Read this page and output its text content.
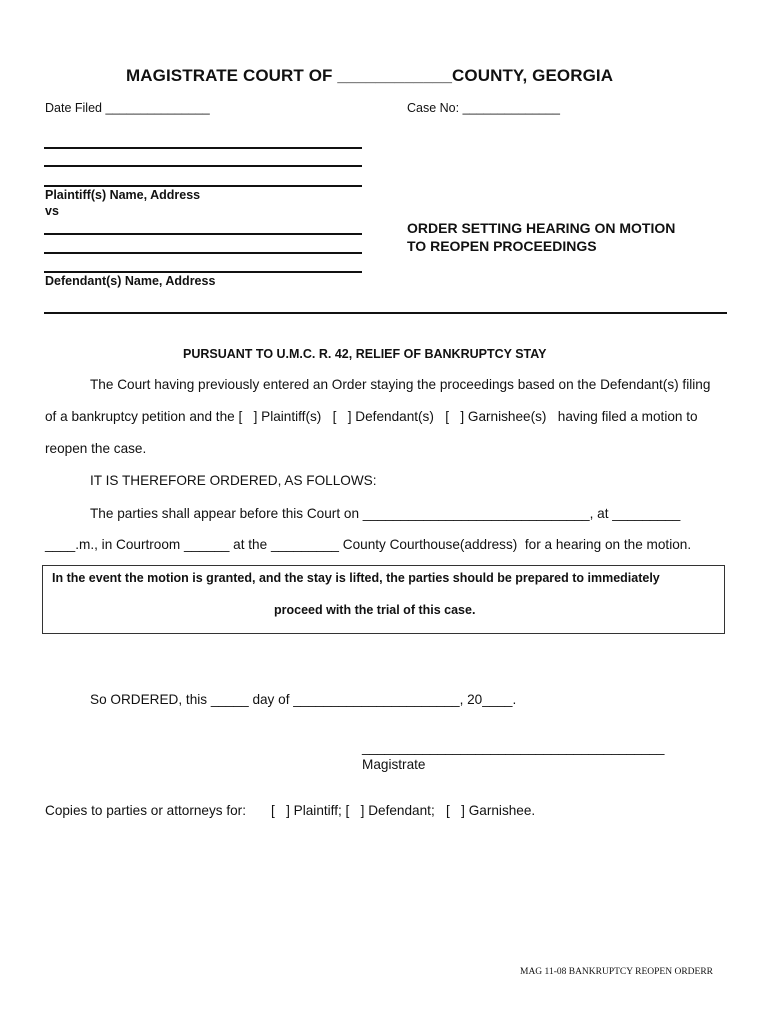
MAGISTRATE COURT OF ____________COUNTY, GEORGIA
Date Filed _______________	Case No: ______________
Plaintiff(s) Name, Address
vs
Defendant(s) Name, Address
ORDER SETTING HEARING ON MOTION
TO REOPEN PROCEEDINGS
PURSUANT TO U.M.C. R. 42, RELIEF OF BANKRUPTCY STAY
The Court having previously entered an Order staying the proceedings based on the Defendant(s) filing
of a bankruptcy petition and the [   ] Plaintiff(s)   [   ] Defendant(s)   [   ] Garnishee(s)   having filed a motion to
reopen the case.
IT IS THEREFORE ORDERED, AS FOLLOWS:
The parties shall appear before this Court on ______________________________, at _________
____.m., in Courtroom ______ at the _________ County Courthouse(address)  for a hearing on the motion.
In the event the motion is granted, and the stay is lifted, the parties should be prepared to immediately
proceed with the trial of this case.
So ORDERED, this _____ day of ______________________, 20____.
________________________________________
Magistrate
Copies to parties or attorneys for: [   ] Plaintiff; [   ] Defendant;   [   ] Garnishee.
MAG 11-08 BANKRUPTCY REOPEN ORDERR
